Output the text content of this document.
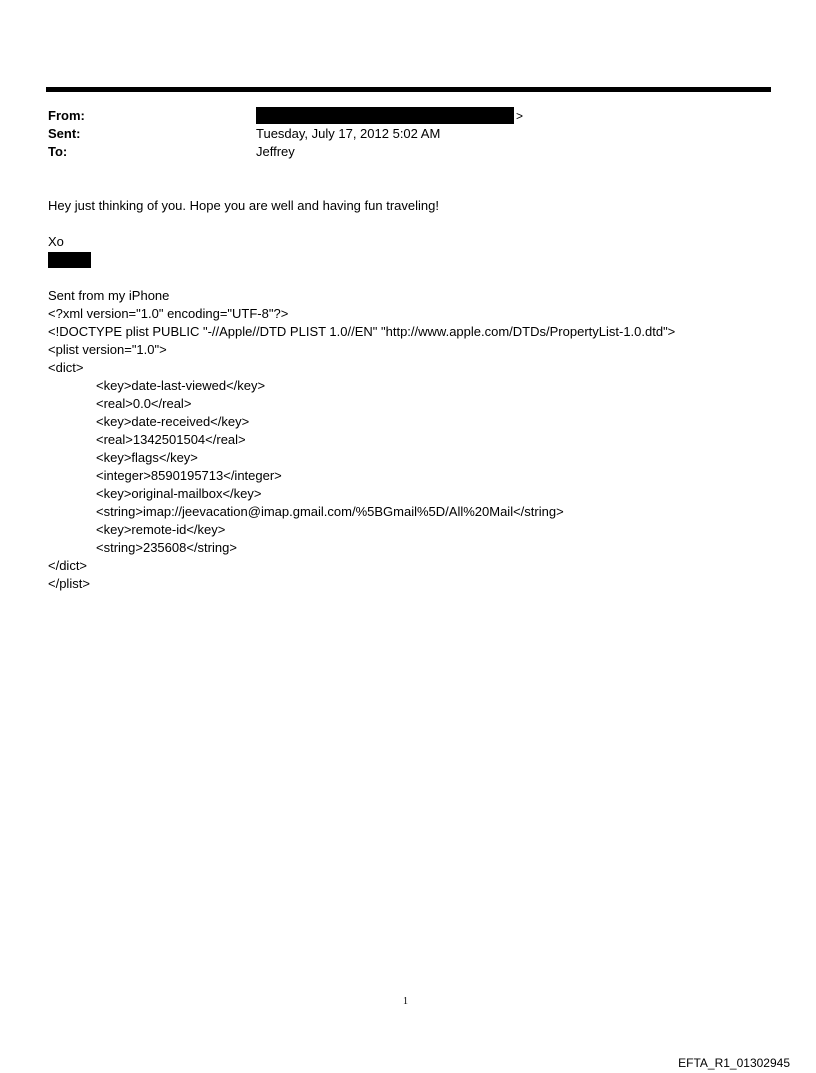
From:	>
Sent:	Tuesday, July 17, 2012 5:02 AM
To:	Jeffrey
Hey just thinking of you. Hope you are well and having fun traveling!
Xo
Sent from my iPhone
<?xml version="1.0" encoding="UTF-8"?>
<!DOCTYPE plist PUBLIC "-//Apple//DTD PLIST 1.0//EN" "http://www.apple.com/DTDs/PropertyList-1.0.dtd">
<plist version="1.0">
<dict>
<key>date-last-viewed</key>
<real>0.0</real>
<key>date-received</key>
<real>1342501504</real>
<key>flags</key>
<integer>8590195713</integer>
<key>original-mailbox</key>
<string>imap://jeevacation@imap.gmail.com/%5BGmail%5D/All%20Mail</string>
<key>remote-id</key>
<string>235608</string>
</dict>
</plist>
1
EFTA_R1_01302945
